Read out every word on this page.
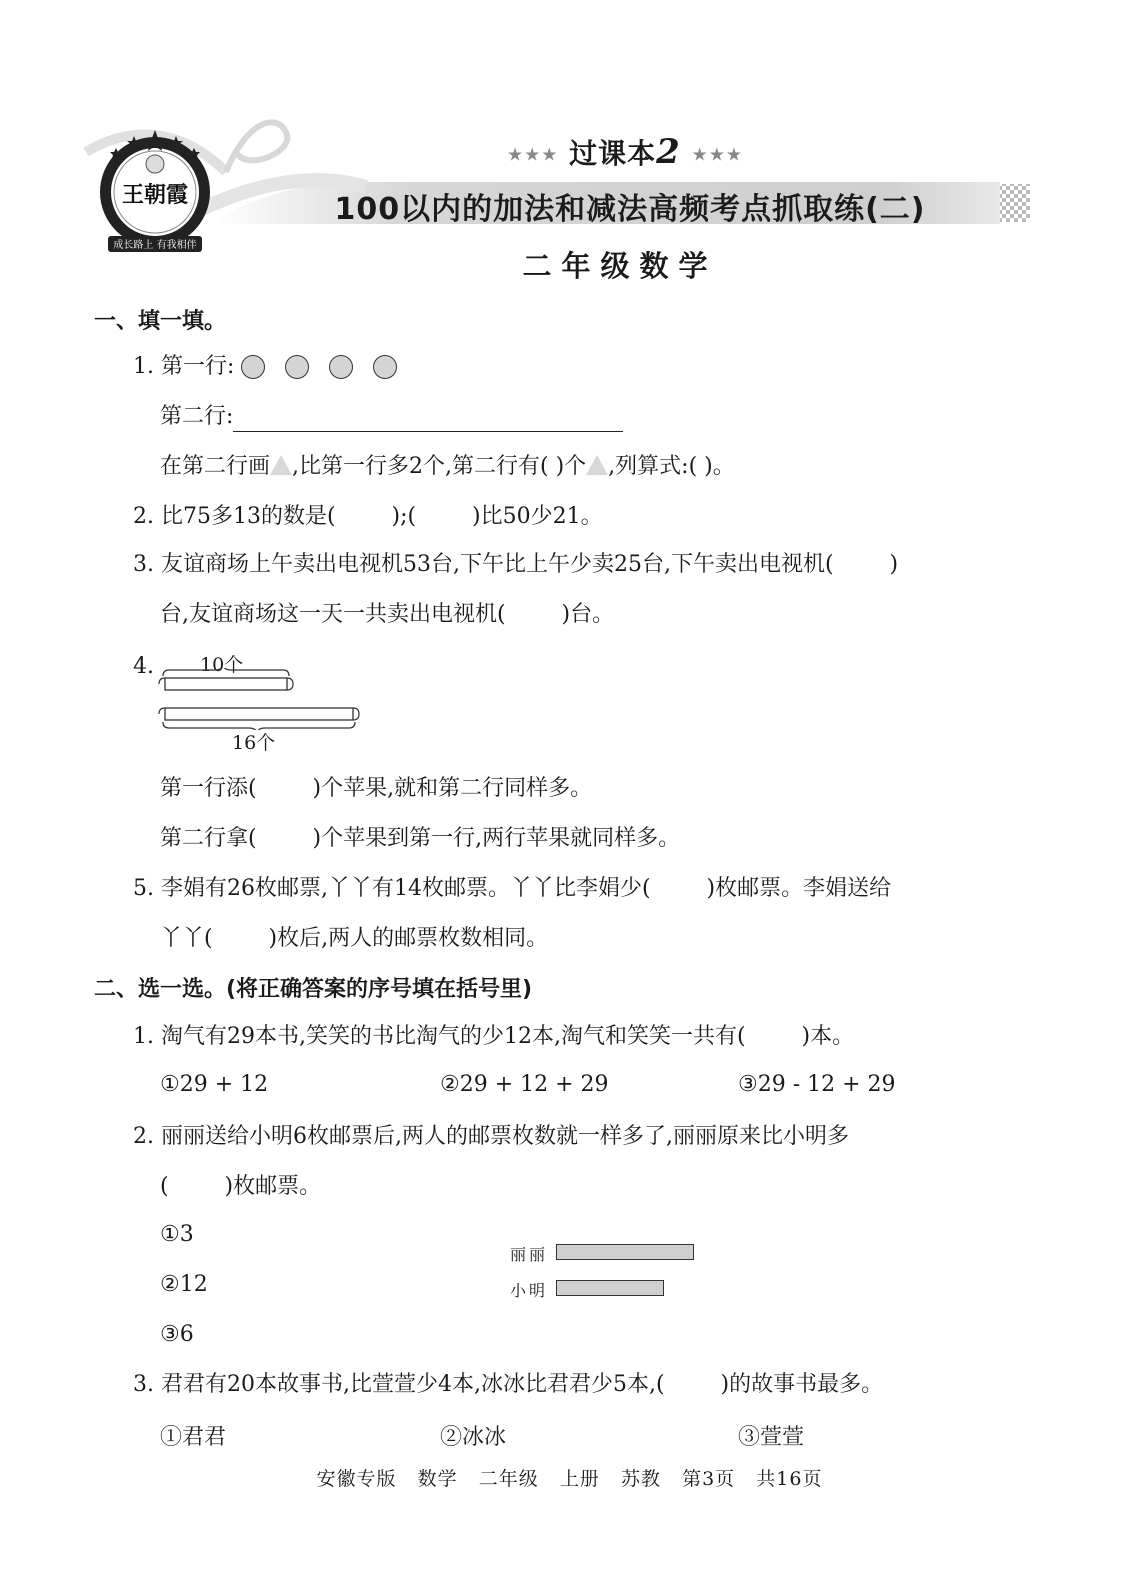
王朝霞
成长路上 有我相伴
★★★ 过课本2 ★★★
100以内的加法和减法高频考点抓取练(二)
二年级数学
一、填一填。
1. 第一行:
第二行:
在第二行画 ,比第一行多2个,第二行有( )个 ,列算式:( )。
2. 比75多13的数是(        );(        )比50少21。
3. 友谊商场上午卖出电视机53台,下午比上午少卖25台,下午卖出电视机(        )
台,友谊商场这一天一共卖出电视机(        )台。
4. 10个
16个
第一行添(        )个苹果,就和第二行同样多。
第二行拿(        )个苹果到第一行,两行苹果就同样多。
5. 李娟有26枚邮票,丫丫有14枚邮票。丫丫比李娟少(        )枚邮票。李娟送给
丫丫(        )枚后,两人的邮票枚数相同。
二、选一选。(将正确答案的序号填在括号里)
1. 淘气有29本书,笑笑的书比淘气的少12本,淘气和笑笑一共有(        )本。
①29 + 12	②29 + 12 + 29	③29 - 12 + 29
2. 丽丽送给小明6枚邮票后,两人的邮票枚数就一样多了,丽丽原来比小明多
(        )枚邮票。
①3
②12
③6
丽丽
小明
3. 君君有20本故事书,比萱萱少4本,冰冰比君君少5本,(        )的故事书最多。
①君君	②冰冰	③萱萱
安徽专版   数学   二年级   上册   苏教   第3页   共16页
